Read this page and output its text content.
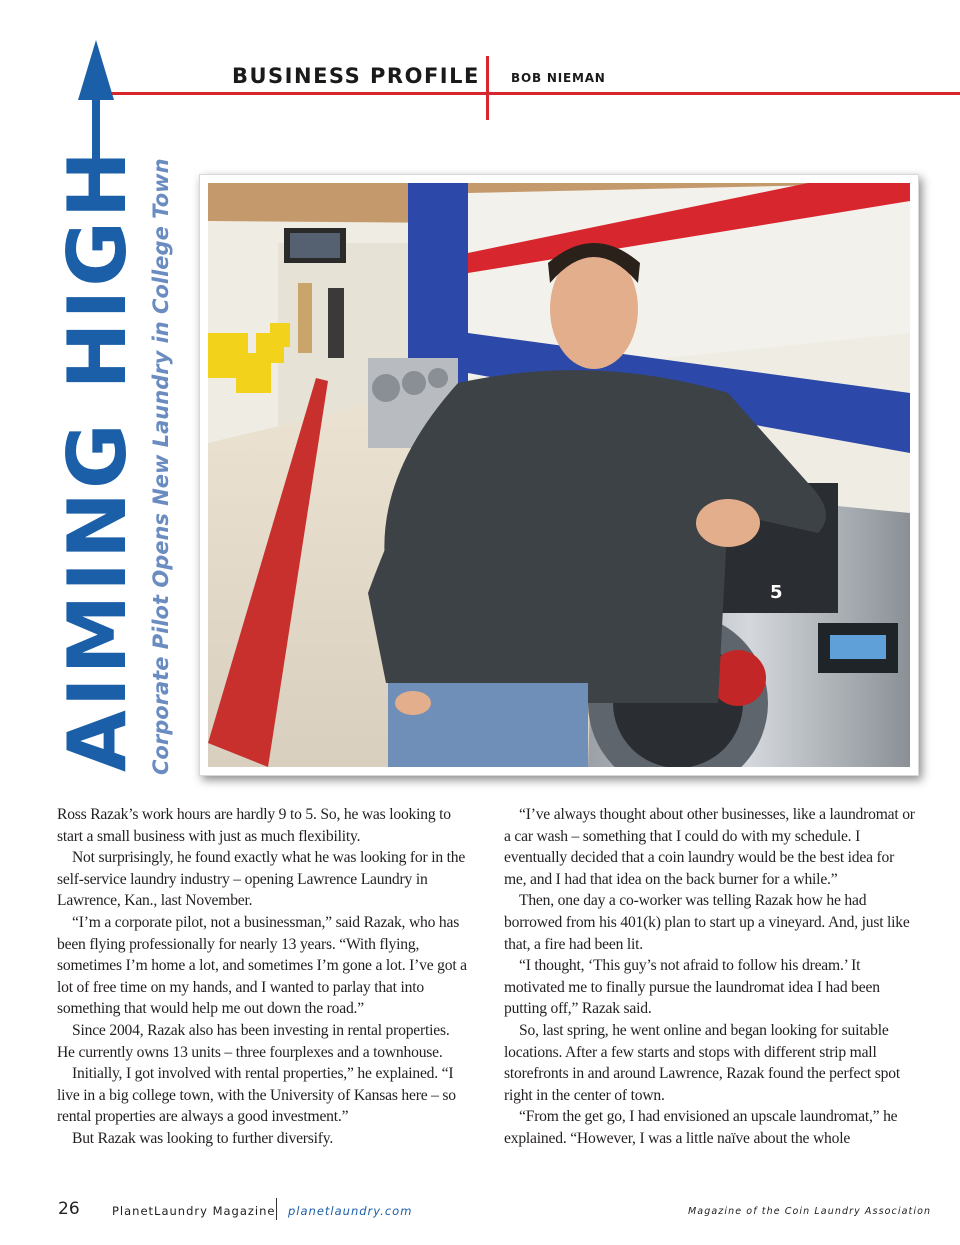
BUSINESS PROFILE	BOB NIEMAN
AIMING HIGH Corporate Pilot Opens New Laundry in College Town	5

Ross Razak’s work hours are hardly 9 to 5. So, he was looking to start a small business with just as much flexibility.

Not surprisingly, he found exactly what he was looking for in the self-service laundry industry – opening Lawrence Laundry in Lawrence, Kan., last November.

“I’m a corporate pilot, not a businessman,” said Razak, who has been flying professionally for nearly 13 years. “With flying, sometimes I’m home a lot, and sometimes I’m gone a lot. I’ve got a lot of free time on my hands, and I wanted to parlay that into something that would help me out down the road.”

Since 2004, Razak also has been investing in rental properties. He currently owns 13 units – three fourplexes and a townhouse.

Initially, I got involved with rental properties,” he explained. “I live in a big college town, with the University of Kansas here – so rental properties are always a good investment.”

But Razak was looking to further diversify.

“I’ve always thought about other businesses, like a laundromat or a car wash – something that I could do with my schedule. I eventually decided that a coin laundry would be the best idea for me, and I had that idea on the back burner for a while.”

Then, one day a co-worker was telling Razak how he had borrowed from his 401(k) plan to start up a vineyard. And, just like that, a fire had been lit.

“I thought, ‘This guy’s not afraid to follow his dream.’ It motivated me to finally pursue the laundromat idea I had been putting off,” Razak said.

So, last spring, he went online and began looking for suitable locations. After a few starts and stops with different strip mall storefronts in and around Lawrence, Razak found the perfect spot right in the center of town.

“From the get go, I had envisioned an upscale laundromat,” he explained. “However, I was a little naïve about the whole

26	PlanetLaundry Magazine planetlaundry.com	Magazine of the Coin Laundry Association
